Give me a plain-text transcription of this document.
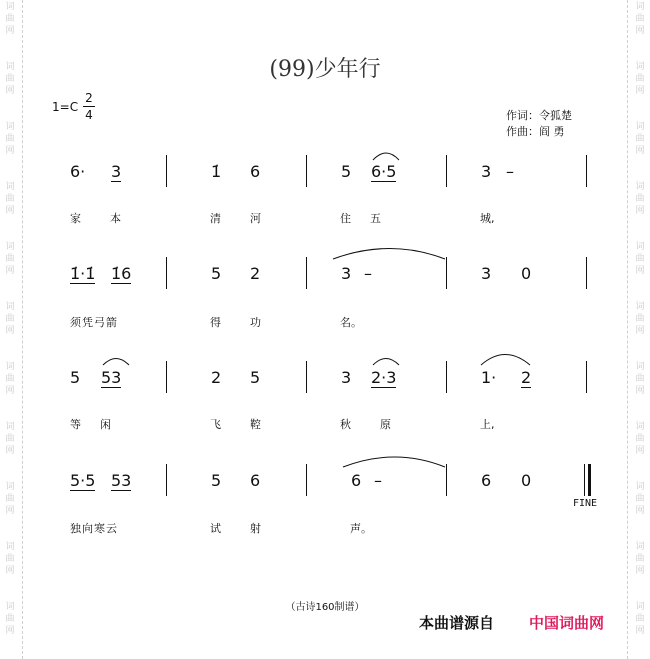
词
曲
网
词
曲
网
词
曲
网
词
曲
网
词
曲
网
词
曲
网
词
曲
网
词
曲
网
词
曲
网
词
曲
网
词
曲
网
词
曲
网
词
曲
网
词
曲
网
词
曲
网
词
曲
网
词
曲
网
词
曲
网
词
曲
网
词
曲
网
词
曲
网
词
曲
网
(99)少年行
1=C
2
4	作词：令狐楚
作曲：阎 勇
6· 3	1̇ 6	5 6·5	3 –
家	本	清	河	住 五	城,
1̇·1̇ 1̇6	5 2	3 –	3 0
须凭弓箭	得	功	名。
5 53	2 5	3 2·3	1· 2
等 闲	飞	鞚	秋	原	上,
5·5 53	5 6	6 –	6 0
FINE
独向寒云	试	射	声。
（古诗160制谱）
本曲谱源自 中国词曲网
